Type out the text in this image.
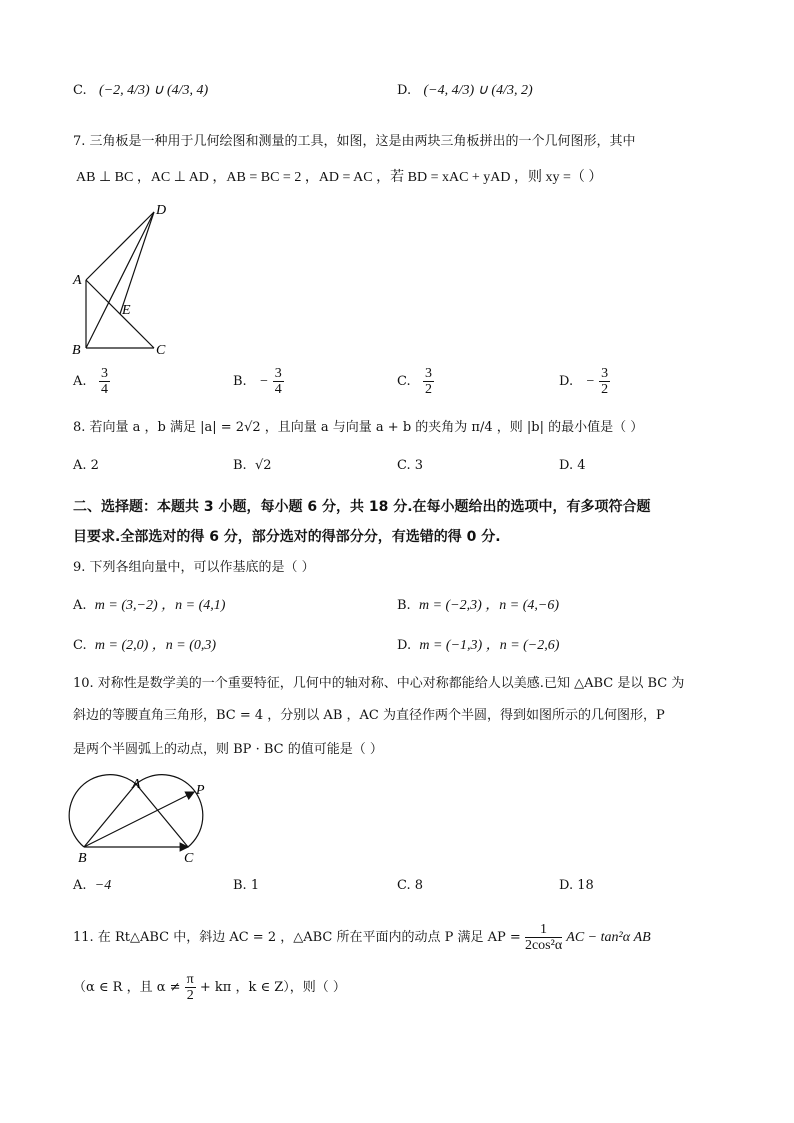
C. (−2, 4/3) ∪ (4/3, 4)	D. (−4, 4/3) ∪ (4/3, 2)
7. 三角板是一种用于几何绘图和测量的工具，如图，这是由两块三角板拼出的一个几何图形，其中
AB ⊥ BC ，AC ⊥ AD ，AB = BC = 2 ，AD = AC ，若 BD = xAC + yAD ，则 xy =（ ）
D
A
E
B	C
A. $\frac{3}{4}$	B. − $\frac{3}{4}$	C. $\frac{3}{2}$	D. − $\frac{3}{2}$
8. 若向量 a ，b 满足 |a| = 2√2 ，且向量 a 与向量 a + b 的夹角为 π/4 ，则 |b| 的最小值是（ ）
A. 2	B. √2	C. 3	D. 4
二、选择题：本题共 3 小题，每小题 6 分，共 18 分.在每小题给出的选项中，有多项符合题
目要求.全部选对的得 6 分，部分选对的得部分分，有选错的得 0 分.
9. 下列各组向量中，可以作基底的是（ ）
A. m = (3,−2) ，n = (4,1)	B. m = (−2,3) ，n = (4,−6)
C. m = (2,0) ，n = (0,3)	D. m = (−1,3) ，n = (−2,6)
10. 对称性是数学美的一个重要特征，几何中的轴对称、中心对称都能给人以美感.已知 △ABC 是以 BC 为
斜边的等腰直角三角形，BC = 4 ，分别以 AB ，AC 为直径作两个半圆，得到如图所示的几何图形，P
是两个半圆弧上的动点，则 BP · BC 的值可能是（ ）
A	P
B	C
A. −4	B. 1	C. 8	D. 18
11. 在 Rt△ABC 中，斜边 AC = 2 ，△ABC 所在平面内的动点 P 满足 AP = $\frac{1}{\text{2cos²α}}$ AC − tan²α AB
（α ∈ R ，且 $\alpha \ne \frac{\pi}{2} + k\pi$ ，k ∈ Z），则（ ）
